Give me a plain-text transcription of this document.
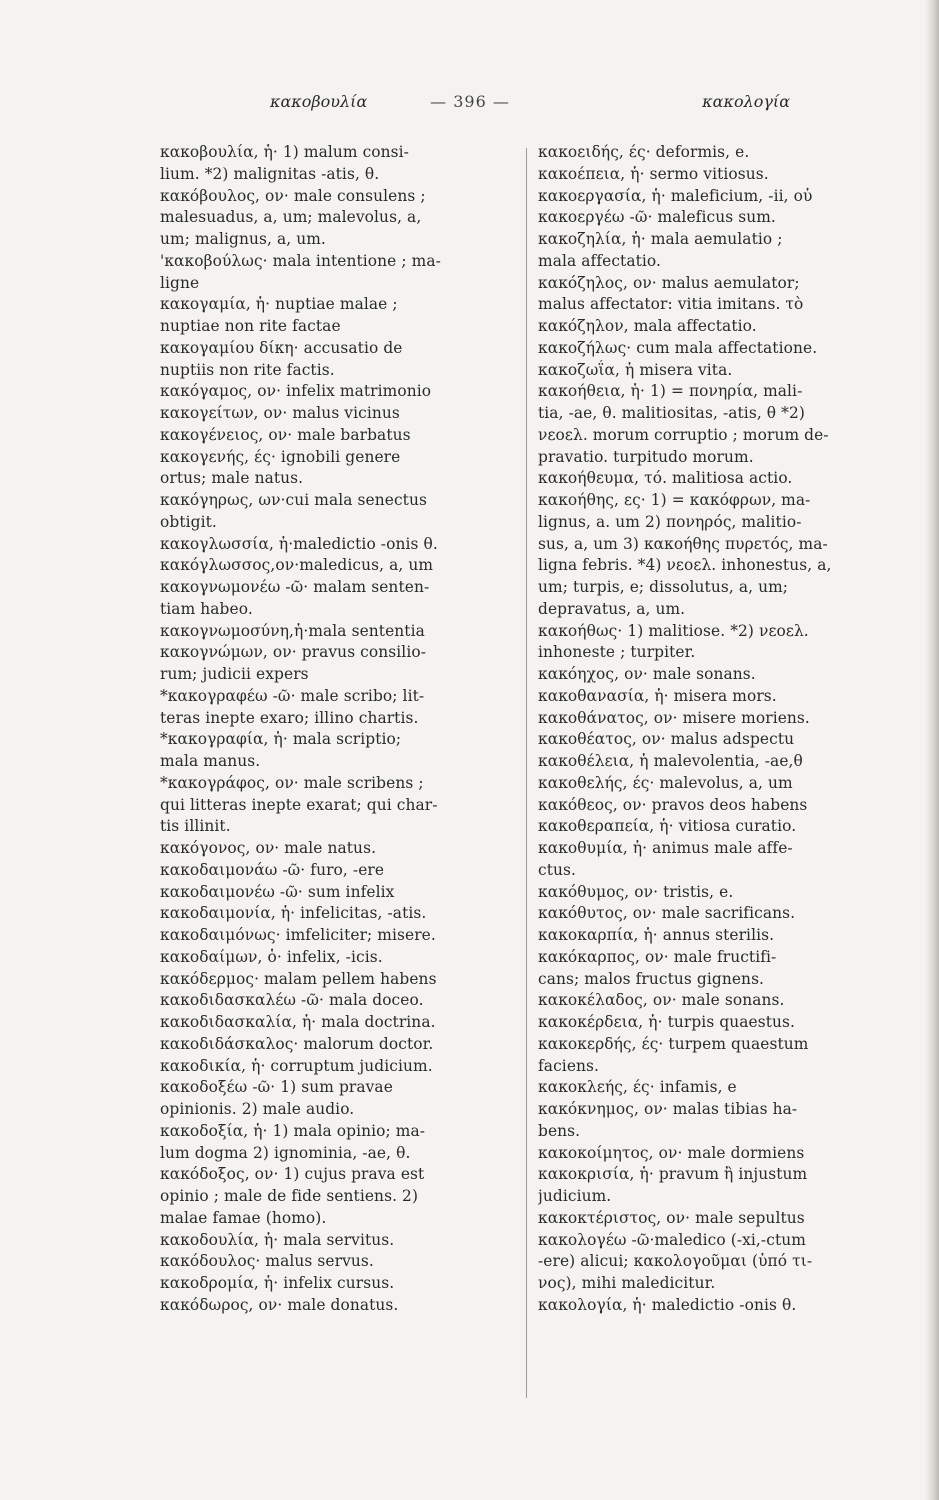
κακοβουλία	— 396 —	κακολογία
κακοβουλία, ἡ· 1) malum consi-
lium. *2) malignitas -atis, θ.
κακόβουλος, ον· male consulens ;
malesuadus, a, um; malevolus, a,
um; malignus, a, um.
'κακοβούλως· mala intentione ; ma-
ligne
κακογαμία, ἡ· nuptiae malae ;
nuptiae non rite factae
κακογαμίου δίκη· accusatio de
nuptiis non rite factis.
κακόγαμος, ον· infelix matrimonio
κακογείτων, ον· malus vicinus
κακογένειος, ον· male barbatus
κακογενής, ές· ignobili genere
ortus; male natus.
κακόγηρως, ων·cui mala senectus
obtigit.
κακογλωσσία, ἡ·maledictio -onis θ.
κακόγλωσσος,ον·maledicus, a, um
κακογνωμονέω -ῶ· malam senten-
tiam habeo.
κακογνωμοσύνη,ἡ·mala sententia
κακογνώμων, ον· pravus consilio-
rum; judicii expers
*κακογραφέω -ῶ· male scribo; lit-
teras inepte exaro; illino chartis.
*κακογραφία, ἡ· mala scriptio;
mala manus.
*κακογράφος, ον· male scribens ;
qui litteras inepte exarat; qui char-
tis illinit.
κακόγονος, ον· male natus.
κακοδαιμονάω -ῶ· furo, -ere
κακοδαιμονέω -ῶ· sum infelix
κακοδαιμονία, ἡ· infelicitas, -atis.
κακοδαιμόνως· imfeliciter; misere.
κακοδαίμων, ὁ· infelix, -icis.
κακόδερμος· malam pellem habens
κακοδιδασκαλέω -ῶ· mala doceo.
κακοδιδασκαλία, ἡ· mala doctrina.
κακοδιδάσκαλος· malorum doctor.
κακοδικία, ἡ· corruptum judicium.
κακοδοξέω -ῶ· 1) sum pravae
opinionis. 2) male audio.
κακοδοξία, ἡ· 1) mala opinio; ma-
lum dogma 2) ignominia, -ae, θ.
κακόδοξος, ον· 1) cujus prava est
opinio ; male de fide sentiens. 2)
malae famae (homo).
κακοδουλία, ἡ· mala servitus.
κακόδουλος· malus servus.
κακοδρομία, ἡ· infelix cursus.
κακόδωρος, ον· male donatus.
κακοειδής, ές· deformis, e.
κακοέπεια, ἡ· sermo vitiosus.
κακοεργασία, ἡ· maleficium, -ii, οὐ
κακοεργέω -ῶ· maleficus sum.
κακοζηλία, ἡ· mala aemulatio ;
mala affectatio.
κακόζηλος, ον· malus aemulator;
malus affectator: vitia imitans. τὸ
κακόζηλον, mala affectatio.
κακοζήλως· cum mala affectatione.
κακοζωΐα, ἡ misera vita.
κακοήθεια, ἡ· 1) = πονηρία, mali-
tia, -ae, θ. malitiositas, -atis, θ *2)
νεοελ. morum corruptio ; morum de-
pravatio. turpitudo morum.
κακοήθευμα, τό. malitiosa actio.
κακοήθης, ες· 1) = κακόφρων, ma-
lignus, a. um 2) πονηρός, malitio-
sus, a, um 3) κακοήθης πυρετός, ma-
ligna febris. *4) νεοελ. inhonestus, a,
um; turpis, e; dissolutus, a, um;
depravatus, a, um.
κακοήθως· 1) malitiose. *2) νεοελ.
inhoneste ; turpiter.
κακόηχος, ον· male sonans.
κακοθανασία, ἡ· misera mors.
κακοθάνατος, ον· misere moriens.
κακοθέατος, ον· malus adspectu
κακοθέλεια, ἡ malevolentia, -ae,θ
κακοθελής, ές· malevolus, a, um
κακόθεος, ον· pravos deos habens
κακοθεραπεία, ἡ· vitiosa curatio.
κακοθυμία, ἡ· animus male affe-
ctus.
κακόθυμος, ον· tristis, e.
κακόθυτος, ον· male sacrificans.
κακοκαρπία, ἡ· annus sterilis.
κακόκαρπος, ον· male fructifi-
cans; malos fructus gignens.
κακοκέλαδος, ον· male sonans.
κακοκέρδεια, ἡ· turpis quaestus.
κακοκερδής, ές· turpem quaestum
faciens.
κακοκλεής, ές· infamis, e
κακόκνημος, ον· malas tibias ha-
bens.
κακοκοίμητος, ον· male dormiens
κακοκρισία, ἡ· pravum ἢ injustum
judicium.
κακοκτέριστος, ον· male sepultus
κακολογέω -ῶ·maledico (-xi,-ctum
-ere) alicui; κακολογοῦμαι (ὑπό τι-
νος), mihi maledicitur.
κακολογία, ἡ· maledictio -onis θ.
